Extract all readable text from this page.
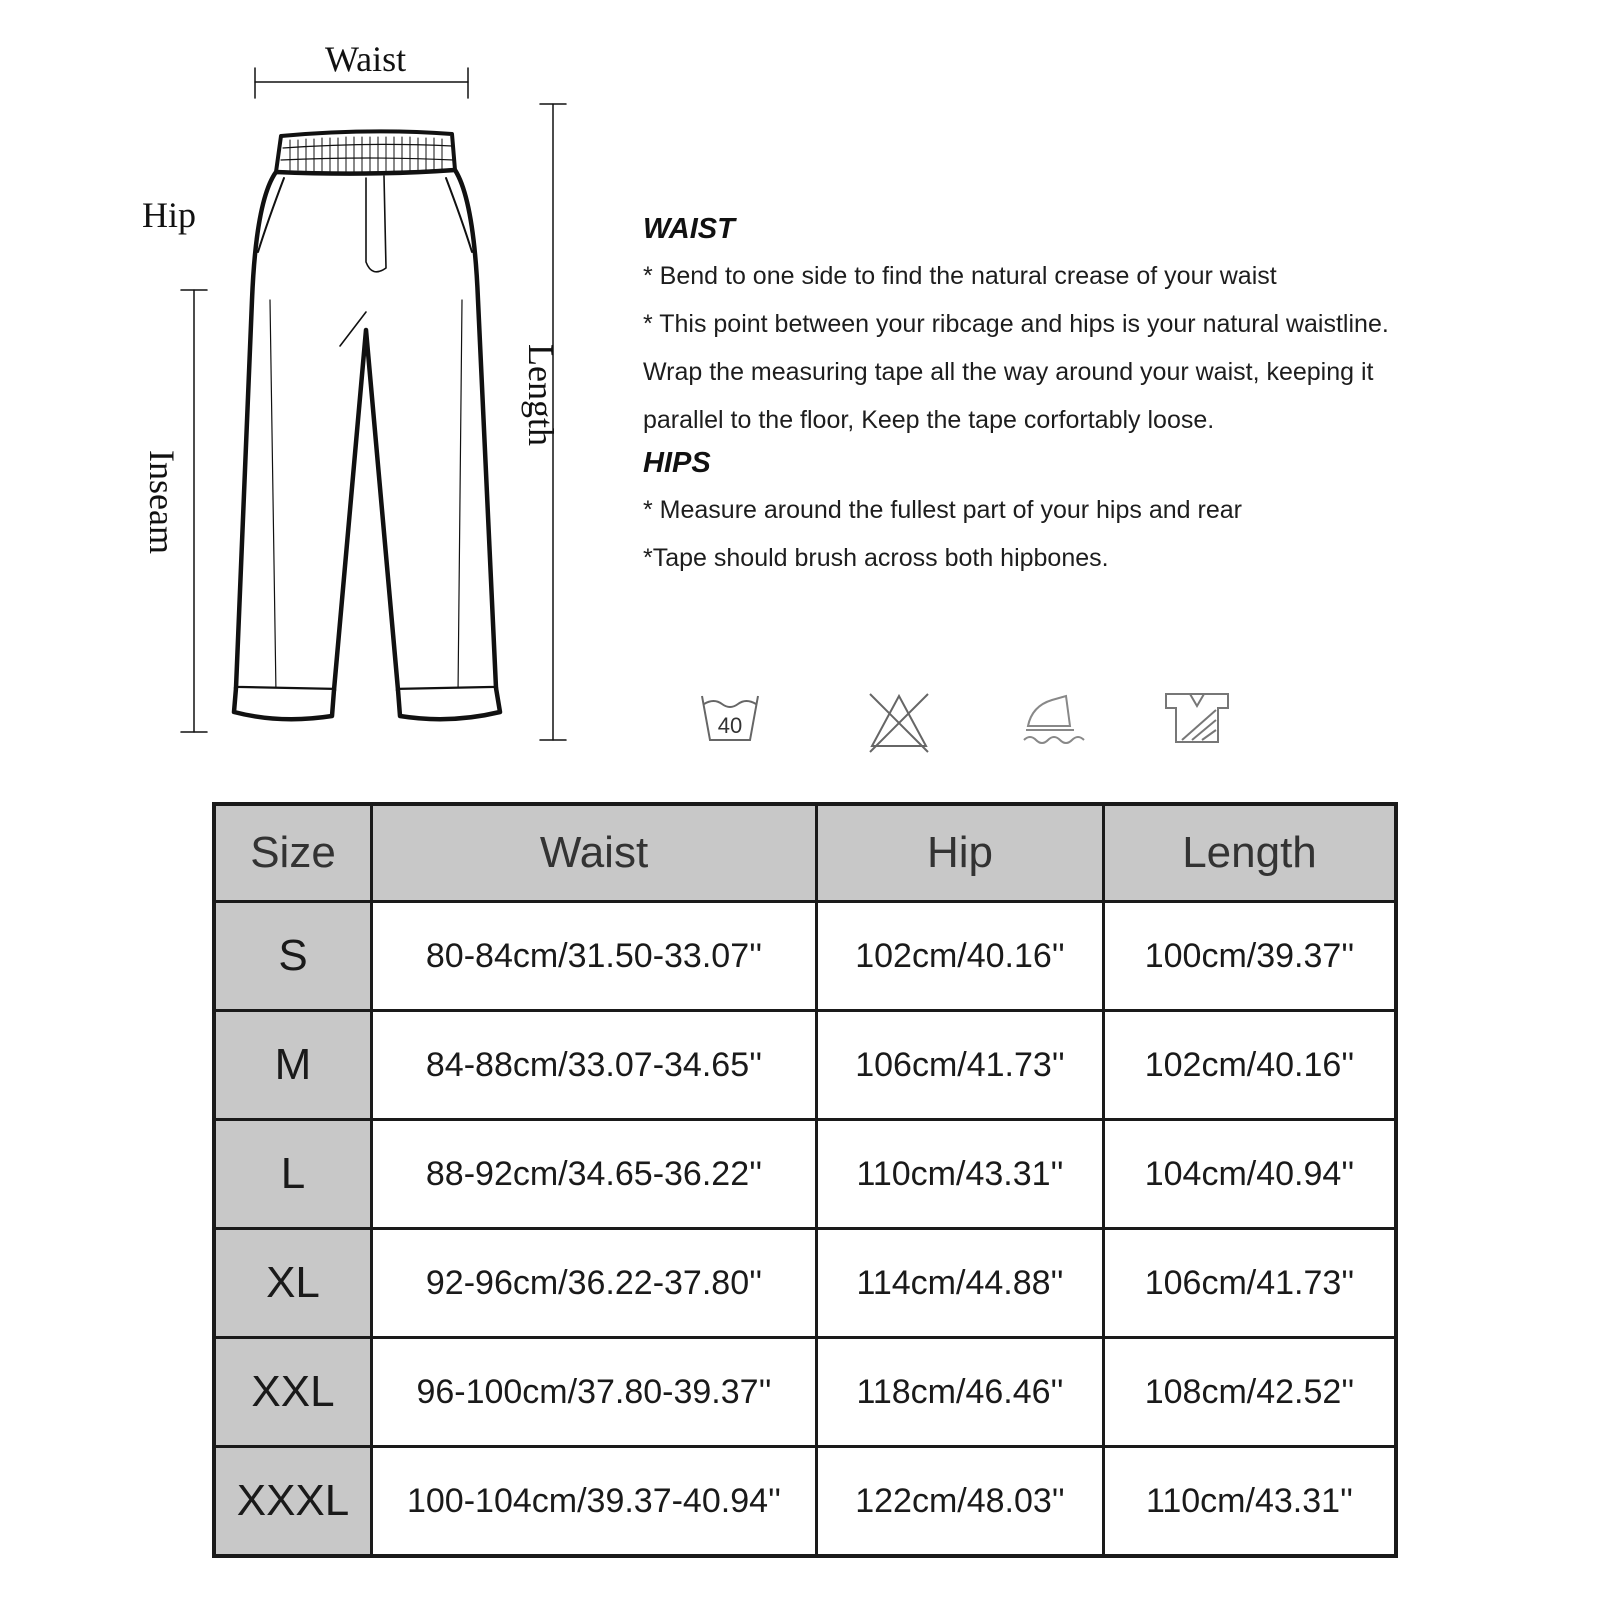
Waist
Hip
Length
Inseam

WAIST

* Bend to one side to find the natural crease of your waist

* This point between your ribcage and hips is your natural waistline.

Wrap the measuring tape all the way around your waist, keeping it

parallel to the floor, Keep the tape corfortably loose.

HIPS

* Measure around the fullest part of your hips and rear

*Tape should brush across both hipbones.

40
Size	Waist	Hip	Length
S	80-84cm/31.50-33.07''	102cm/40.16''	100cm/39.37''
M	84-88cm/33.07-34.65''	106cm/41.73''	102cm/40.16''
L	88-92cm/34.65-36.22''	110cm/43.31''	104cm/40.94''
XL	92-96cm/36.22-37.80''	114cm/44.88''	106cm/41.73''
XXL	96-100cm/37.80-39.37''	118cm/46.46''	108cm/42.52''
XXXL	100-104cm/39.37-40.94''	122cm/48.03''	110cm/43.31''
